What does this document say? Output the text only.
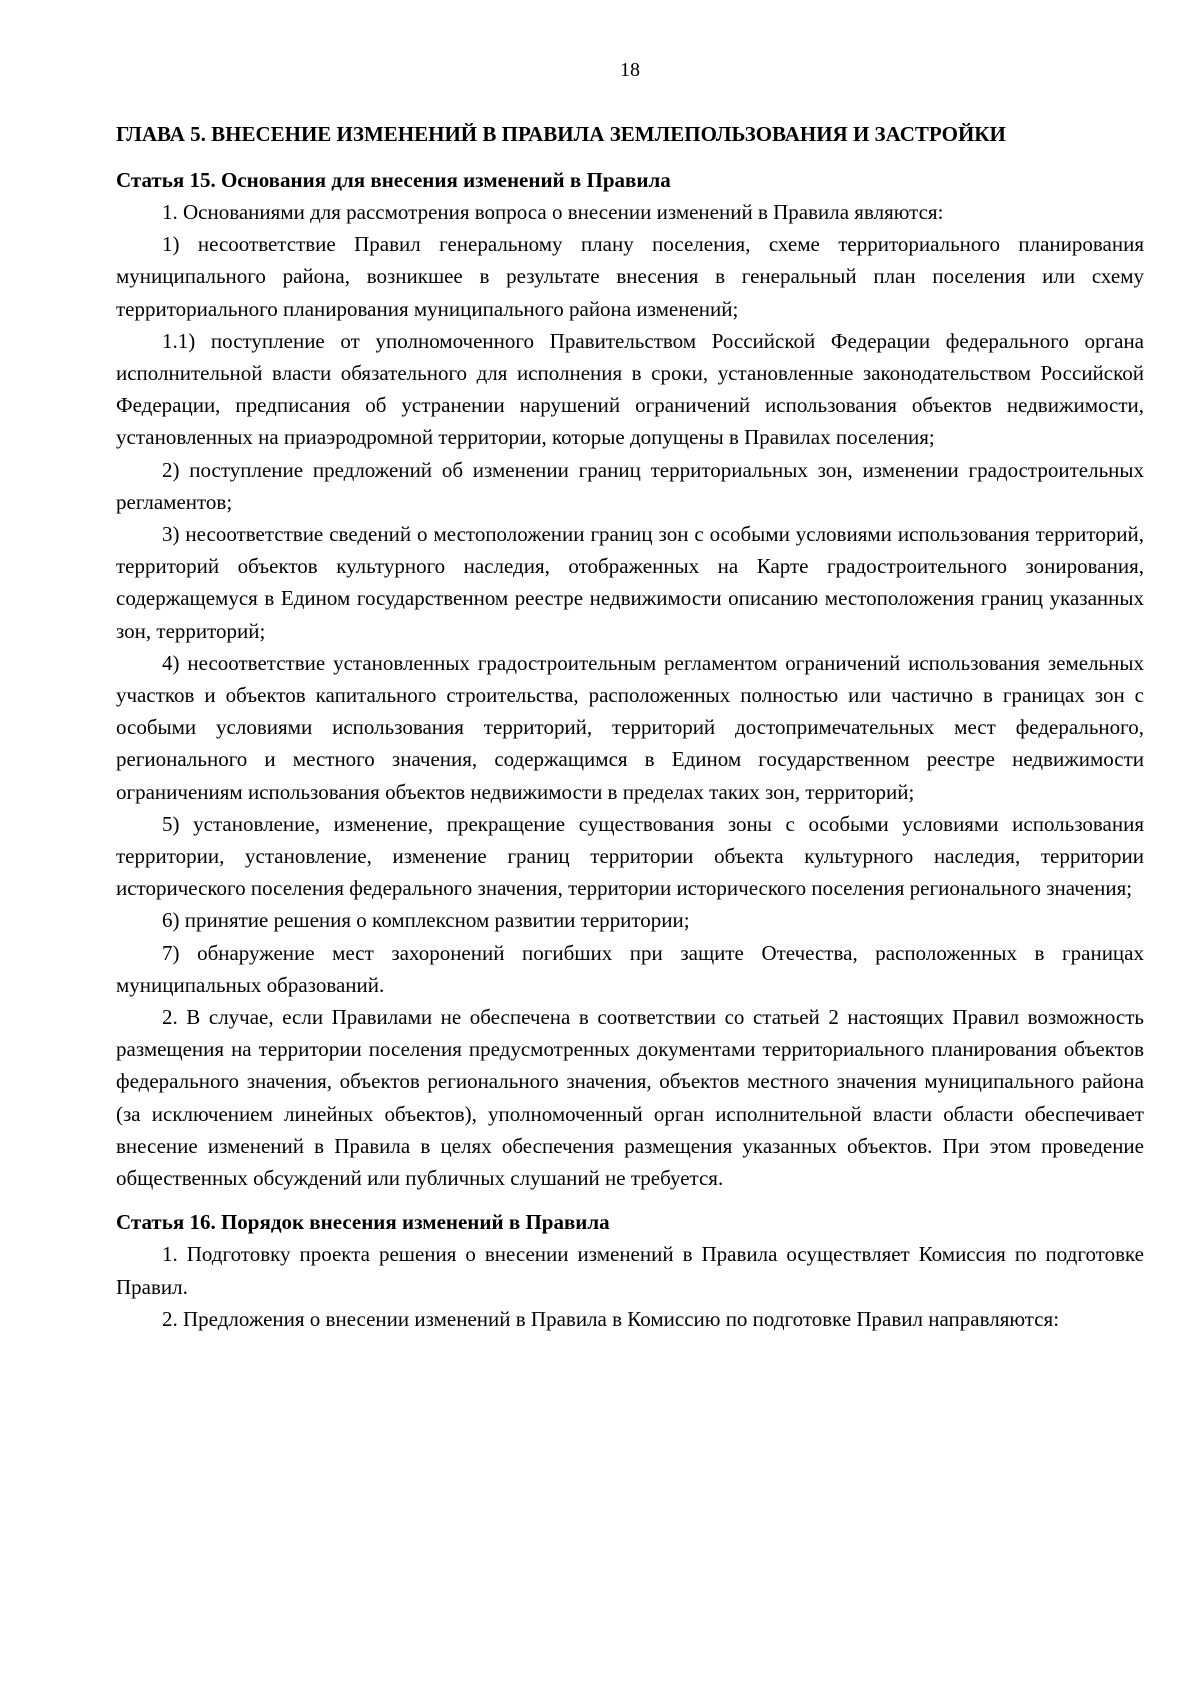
18
ГЛАВА 5. ВНЕСЕНИЕ ИЗМЕНЕНИЙ В ПРАВИЛА ЗЕМЛЕПОЛЬЗОВАНИЯ И ЗАСТРОЙКИ
Статья 15. Основания для внесения изменений в Правила

1. Основаниями для рассмотрения вопроса о внесении изменений в Правила являются:

1) несоответствие Правил генеральному плану поселения, схеме территориального планирования муниципального района, возникшее в результате внесения в генеральный план поселения или схему территориального планирования муниципального района изменений;

1.1) поступление от уполномоченного Правительством Российской Федерации федерального органа исполнительной власти обязательного для исполнения в сроки, установленные законодательством Российской Федерации, предписания об устранении нарушений ограничений использования объектов недвижимости, установленных на приаэродромной территории, которые допущены в Правилах поселения;

2) поступление предложений об изменении границ территориальных зон, изменении градостроительных регламентов;

3) несоответствие сведений о местоположении границ зон с особыми условиями использования территорий, территорий объектов культурного наследия, отображенных на Карте градостроительного зонирования, содержащемуся в Едином государственном реестре недвижимости описанию местоположения границ указанных зон, территорий;

4) несоответствие установленных градостроительным регламентом ограничений использования земельных участков и объектов капитального строительства, расположенных полностью или частично в границах зон с особыми условиями использования территорий, территорий достопримечательных мест федерального, регионального и местного значения, содержащимся в Едином государственном реестре недвижимости ограничениям использования объектов недвижимости в пределах таких зон, территорий;

5) установление, изменение, прекращение существования зоны с особыми условиями использования территории, установление, изменение границ территории объекта культурного наследия, территории исторического поселения федерального значения, территории исторического поселения регионального значения;

6) принятие решения о комплексном развитии территории;

7) обнаружение мест захоронений погибших при защите Отечества, расположенных в границах муниципальных образований.

2. В случае, если Правилами не обеспечена в соответствии со статьей 2 настоящих Правил возможность размещения на территории поселения предусмотренных документами территориального планирования объектов федерального значения, объектов регионального значения, объектов местного значения муниципального района (за исключением линейных объектов), уполномоченный орган исполнительной власти области обеспечивает внесение изменений в Правила в целях обеспечения размещения указанных объектов. При этом проведение общественных обсуждений или публичных слушаний не требуется.

Статья 16. Порядок внесения изменений в Правила

1. Подготовку проекта решения о внесении изменений в Правила осуществляет Комиссия по подготовке Правил.

2. Предложения о внесении изменений в Правила в Комиссию по подготовке Правил направляются:
